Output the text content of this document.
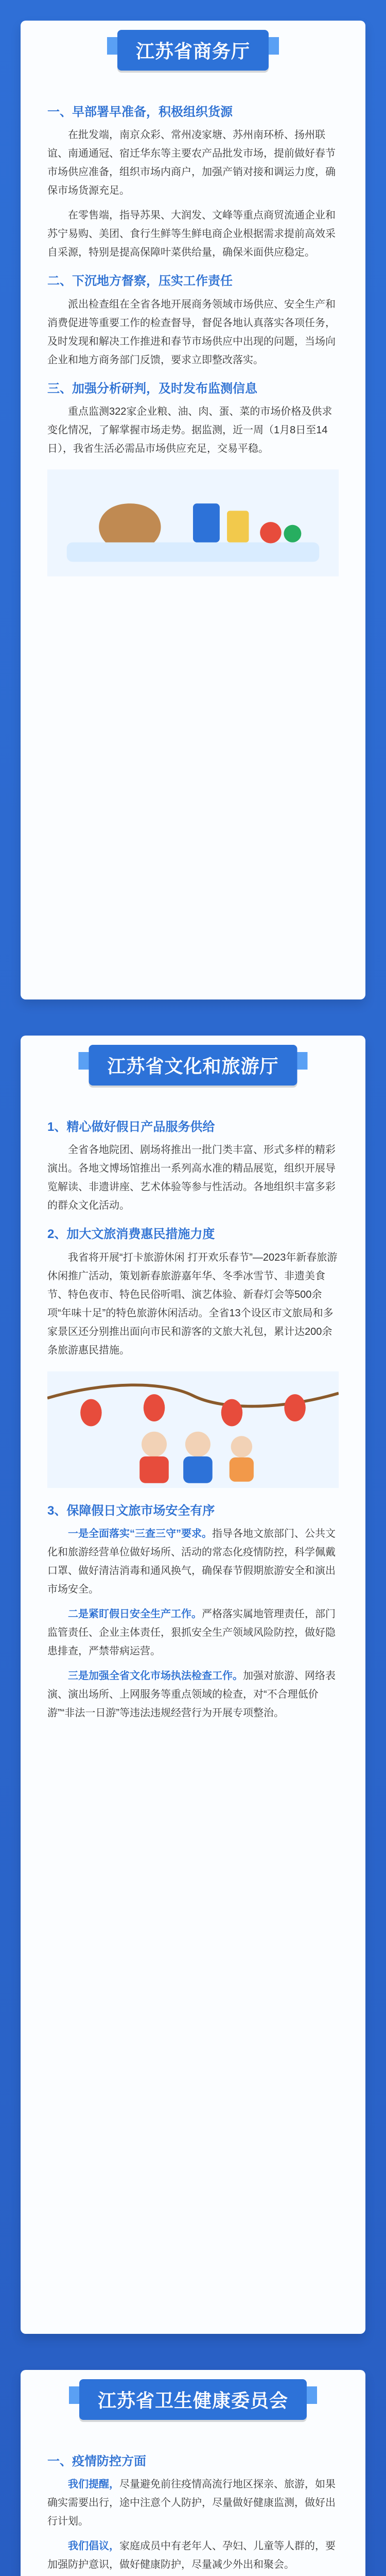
江苏省商务厅
一、早部署早准备，积极组织货源
在批发端，南京众彩、常州凌家塘、苏州南环桥、扬州联谊、南通通冠、宿迁华东等主要农产品批发市场，提前做好春节市场供应准备，组织市场内商户，加强产销对接和调运力度，确保市场货源充足。
在零售端，指导苏果、大润发、文峰等重点商贸流通企业和苏宁易购、美团、食行生鲜等生鲜电商企业根据需求提前高效采自采源，特别是提高保障叶菜供给量，确保米面供应稳定。
二、下沉地方督察，压实工作责任
派出检查组在全省各地开展商务领域市场供应、安全生产和消费促进等重要工作的检查督导，督促各地认真落实各项任务，及时发现和解决工作推进和春节市场供应中出现的问题，当场向企业和地方商务部门反馈，要求立即整改落实。
三、加强分析研判，及时发布监测信息
重点监测322家企业粮、油、肉、蛋、菜的市场价格及供求变化情况，了解掌握市场走势。据监测，近一周（1月8日至14日），我省生活必需品市场供应充足，交易平稳。
江苏省文化和旅游厅
1、精心做好假日产品服务供给
全省各地院团、剧场将推出一批门类丰富、形式多样的精彩演出。各地文博场馆推出一系列高水准的精品展览，组织开展导览解读、非遗讲座、艺术体验等参与性活动。各地组织丰富多彩的群众文化活动。
2、加大文旅消费惠民措施力度
我省将开展“打卡旅游休闲 打开欢乐春节”—2023年新春旅游休闲推广活动，策划新春旅游嘉年华、冬季冰雪节、非遗美食节、特色夜市、特色民俗听唱、演艺体验、新春灯会等500余项“年味十足”的特色旅游休闲活动。全省13个设区市文旅局和多家景区还分别推出面向市民和游客的文旅大礼包，累计达200余条旅游惠民措施。
3、保障假日文旅市场安全有序
一是全面落实“三查三守”要求。指导各地文旅部门、公共文化和旅游经营单位做好场所、活动的常态化疫情防控，科学佩戴口罩、做好清洁消毒和通风换气，确保春节假期旅游安全和演出市场安全。
二是紧盯假日安全生产工作。严格落实属地管理责任，部门监管责任、企业主体责任，狠抓安全生产领域风险防控，做好隐患排查，严禁带病运营。
三是加强全省文化市场执法检查工作。加强对旅游、网络表演、演出场所、上网服务等重点领域的检查，对“不合理低价游”“非法一日游”等违法违规经营行为开展专项整治。
江苏省卫生健康委员会
一、疫情防控方面
我们提醒，尽量避免前往疫情高流行地区探亲、旅游，如果确实需要出行，途中注意个人防护，尽量做好健康监测，做好出行计划。
我们倡议，家庭成员中有老年人、孕妇、儿童等人群的，要加强防护意识，做好健康防护，尽量减少外出和聚会。
